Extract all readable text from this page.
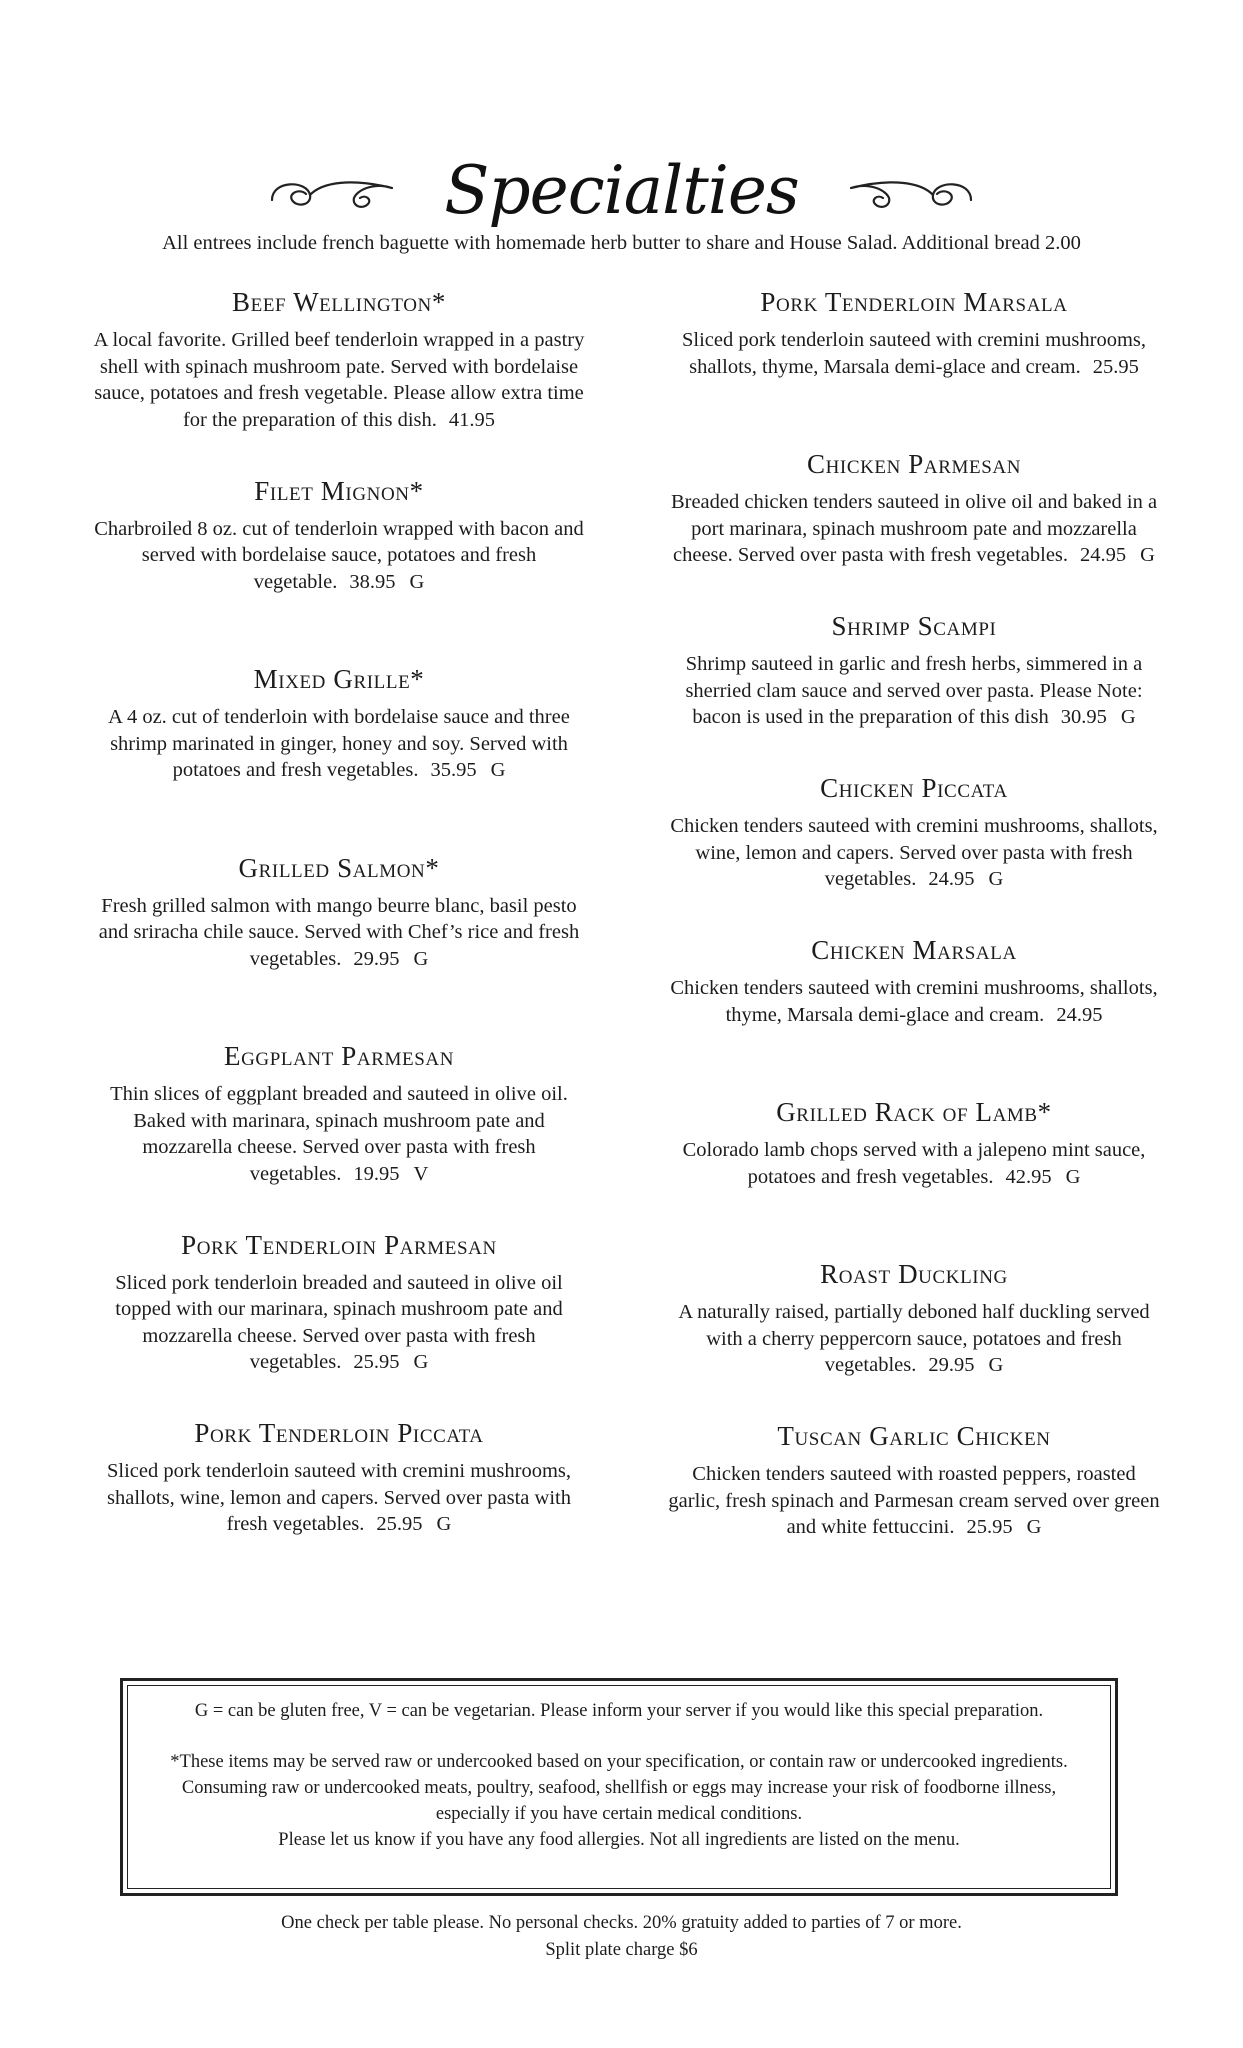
Specialties
All entrees include french baguette with homemade herb butter to share and House Salad. Additional bread 2.00
Beef Wellington*

A local favorite. Grilled beef tenderloin wrapped in a pastry shell with spinach mushroom pate. Served with bordelaise sauce, potatoes and fresh vegetable. Please allow extra time for the preparation of this dish. 41.95

Filet Mignon*

Charbroiled 8 oz. cut of tenderloin wrapped with bacon and served with bordelaise sauce, potatoes and fresh vegetable. 38.95 G

Mixed Grille*

A 4 oz. cut of tenderloin with bordelaise sauce and three shrimp marinated in ginger, honey and soy. Served with potatoes and fresh vegetables. 35.95 G

Grilled Salmon*

Fresh grilled salmon with mango beurre blanc, basil pesto and sriracha chile sauce. Served with Chef’s rice and fresh vegetables. 29.95 G

Eggplant Parmesan

Thin slices of eggplant breaded and sauteed in olive oil. Baked with marinara, spinach mushroom pate and mozzarella cheese. Served over pasta with fresh vegetables. 19.95 V

Pork Tenderloin Parmesan

Sliced pork tenderloin breaded and sauteed in olive oil topped with our marinara, spinach mushroom pate and mozzarella cheese. Served over pasta with fresh vegetables. 25.95 G

Pork Tenderloin Piccata

Sliced pork tenderloin sauteed with cremini mushrooms, shallots, wine, lemon and capers. Served over pasta with fresh vegetables. 25.95 G

Pork Tenderloin Marsala

Sliced pork tenderloin sauteed with cremini mushrooms, shallots, thyme, Marsala demi-glace and cream. 25.95

Chicken Parmesan

Breaded chicken tenders sauteed in olive oil and baked in a port marinara, spinach mushroom pate and mozzarella cheese. Served over pasta with fresh vegetables. 24.95 G

Shrimp Scampi

Shrimp sauteed in garlic and fresh herbs, simmered in a sherried clam sauce and served over pasta. Please Note: bacon is used in the preparation of this dish 30.95 G

Chicken Piccata

Chicken tenders sauteed with cremini mushrooms, shallots, wine, lemon and capers. Served over pasta with fresh vegetables. 24.95 G

Chicken Marsala

Chicken tenders sauteed with cremini mushrooms, shallots, thyme, Marsala demi-glace and cream. 24.95

Grilled Rack of Lamb*

Colorado lamb chops served with a jalepeno mint sauce, potatoes and fresh vegetables. 42.95 G

Roast Duckling

A naturally raised, partially deboned half duckling served with a cherry peppercorn sauce, potatoes and fresh vegetables. 29.95 G

Tuscan Garlic Chicken

Chicken tenders sauteed with roasted peppers, roasted garlic, fresh spinach and Parmesan cream served over green and white fettuccini. 25.95 G

G = can be gluten free, V = can be vegetarian. Please inform your server if you would like this special preparation.

*These items may be served raw or undercooked based on your specification, or contain raw or undercooked ingredients. Consuming raw or undercooked meats, poultry, seafood, shellfish or eggs may increase your risk of foodborne illness, especially if you have certain medical conditions.

Please let us know if you have any food allergies. Not all ingredients are listed on the menu.

One check per table please. No personal checks. 20% gratuity added to parties of 7 or more.

Split plate charge $6
